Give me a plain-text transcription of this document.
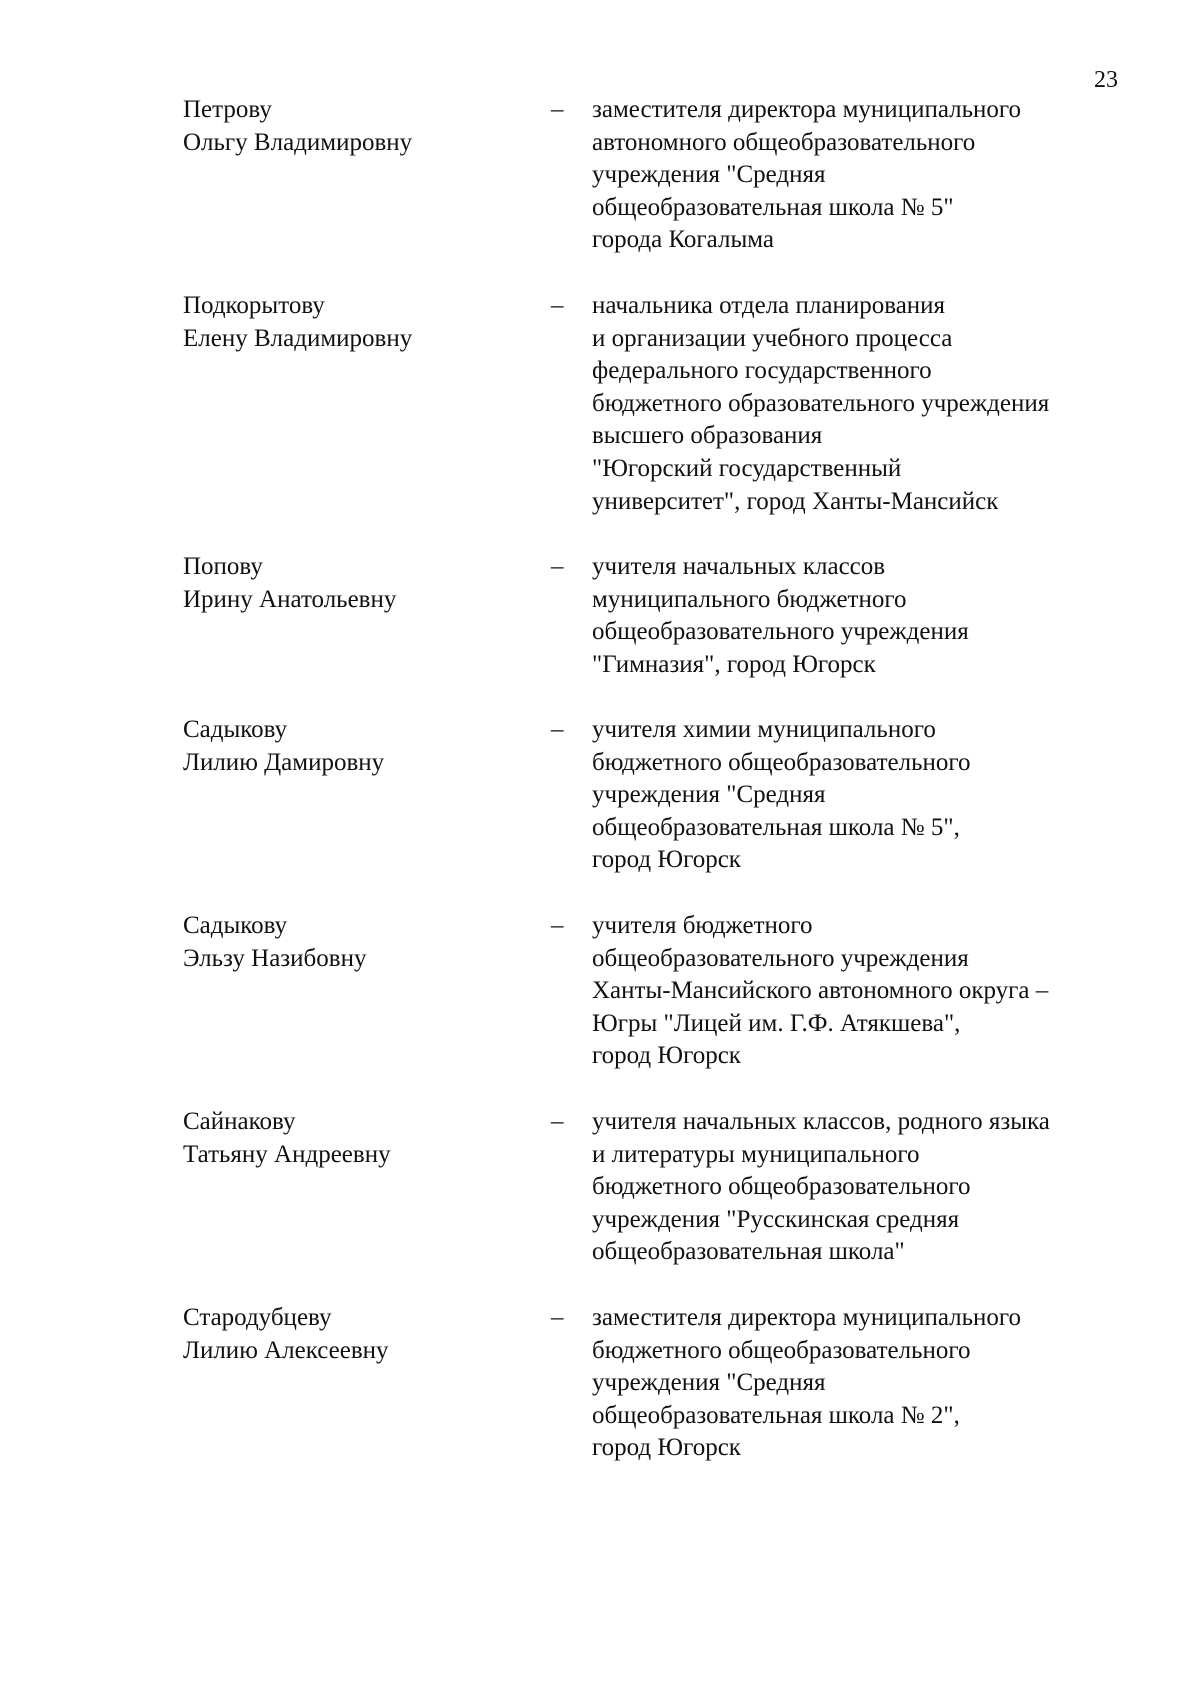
23
Петрову
Ольгу Владимировну
– заместителя директора муниципального
автономного общеобразовательного
учреждения "Средняя
общеобразовательная школа № 5"
города Когалыма
Подкорытову
Елену Владимировну
– начальника отдела планирования
и организации учебного процесса
федерального государственного
бюджетного образовательного учреждения
высшего образования
"Югорский государственный
университет", город Ханты-Мансийск
Попову
Ирину Анатольевну
– учителя начальных классов
муниципального бюджетного
общеобразовательного учреждения
"Гимназия", город Югорск
Садыкову
Лилию Дамировну
– учителя химии муниципального
бюджетного общеобразовательного
учреждения "Средняя
общеобразовательная школа № 5",
город Югорск
Садыкову
Эльзу Назибовну
– учителя бюджетного
общеобразовательного учреждения
Ханты-Мансийского автономного округа –
Югры "Лицей им. Г.Ф. Атякшева",
город Югорск
Сайнакову
Татьяну Андреевну
– учителя начальных классов, родного языка
и литературы муниципального
бюджетного общеобразовательного
учреждения "Русскинская средняя
общеобразовательная школа"
Стародубцеву
Лилию Алексеевну
– заместителя директора муниципального
бюджетного общеобразовательного
учреждения "Средняя
общеобразовательная школа № 2",
город Югорск
